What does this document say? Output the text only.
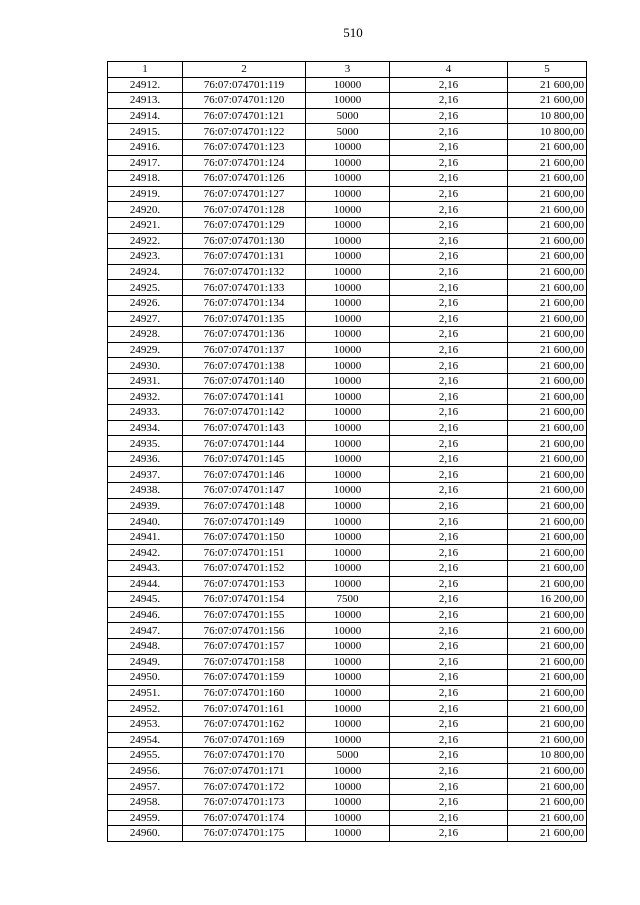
510
1	2	3	4	5
24912.	76:07:074701:119	10000	2,16	21 600,00
24913.	76:07:074701:120	10000	2,16	21 600,00
24914.	76:07:074701:121	5000	2,16	10 800,00
24915.	76:07:074701:122	5000	2,16	10 800,00
24916.	76:07:074701:123	10000	2,16	21 600,00
24917.	76:07:074701:124	10000	2,16	21 600,00
24918.	76:07:074701:126	10000	2,16	21 600,00
24919.	76:07:074701:127	10000	2,16	21 600,00
24920.	76:07:074701:128	10000	2,16	21 600,00
24921.	76:07:074701:129	10000	2,16	21 600,00
24922.	76:07:074701:130	10000	2,16	21 600,00
24923.	76:07:074701:131	10000	2,16	21 600,00
24924.	76:07:074701:132	10000	2,16	21 600,00
24925.	76:07:074701:133	10000	2,16	21 600,00
24926.	76:07:074701:134	10000	2,16	21 600,00
24927.	76:07:074701:135	10000	2,16	21 600,00
24928.	76:07:074701:136	10000	2,16	21 600,00
24929.	76:07:074701:137	10000	2,16	21 600,00
24930.	76:07:074701:138	10000	2,16	21 600,00
24931.	76:07:074701:140	10000	2,16	21 600,00
24932.	76:07:074701:141	10000	2,16	21 600,00
24933.	76:07:074701:142	10000	2,16	21 600,00
24934.	76:07:074701:143	10000	2,16	21 600,00
24935.	76:07:074701:144	10000	2,16	21 600,00
24936.	76:07:074701:145	10000	2,16	21 600,00
24937.	76:07:074701:146	10000	2,16	21 600,00
24938.	76:07:074701:147	10000	2,16	21 600,00
24939.	76:07:074701:148	10000	2,16	21 600,00
24940.	76:07:074701:149	10000	2,16	21 600,00
24941.	76:07:074701:150	10000	2,16	21 600,00
24942.	76:07:074701:151	10000	2,16	21 600,00
24943.	76:07:074701:152	10000	2,16	21 600,00
24944.	76:07:074701:153	10000	2,16	21 600,00
24945.	76:07:074701:154	7500	2,16	16 200,00
24946.	76:07:074701:155	10000	2,16	21 600,00
24947.	76:07:074701:156	10000	2,16	21 600,00
24948.	76:07:074701:157	10000	2,16	21 600,00
24949.	76:07:074701:158	10000	2,16	21 600,00
24950.	76:07:074701:159	10000	2,16	21 600,00
24951.	76:07:074701:160	10000	2,16	21 600,00
24952.	76:07:074701:161	10000	2,16	21 600,00
24953.	76:07:074701:162	10000	2,16	21 600,00
24954.	76:07:074701:169	10000	2,16	21 600,00
24955.	76:07:074701:170	5000	2,16	10 800,00
24956.	76:07:074701:171	10000	2,16	21 600,00
24957.	76:07:074701:172	10000	2,16	21 600,00
24958.	76:07:074701:173	10000	2,16	21 600,00
24959.	76:07:074701:174	10000	2,16	21 600,00
24960.	76:07:074701:175	10000	2,16	21 600,00
